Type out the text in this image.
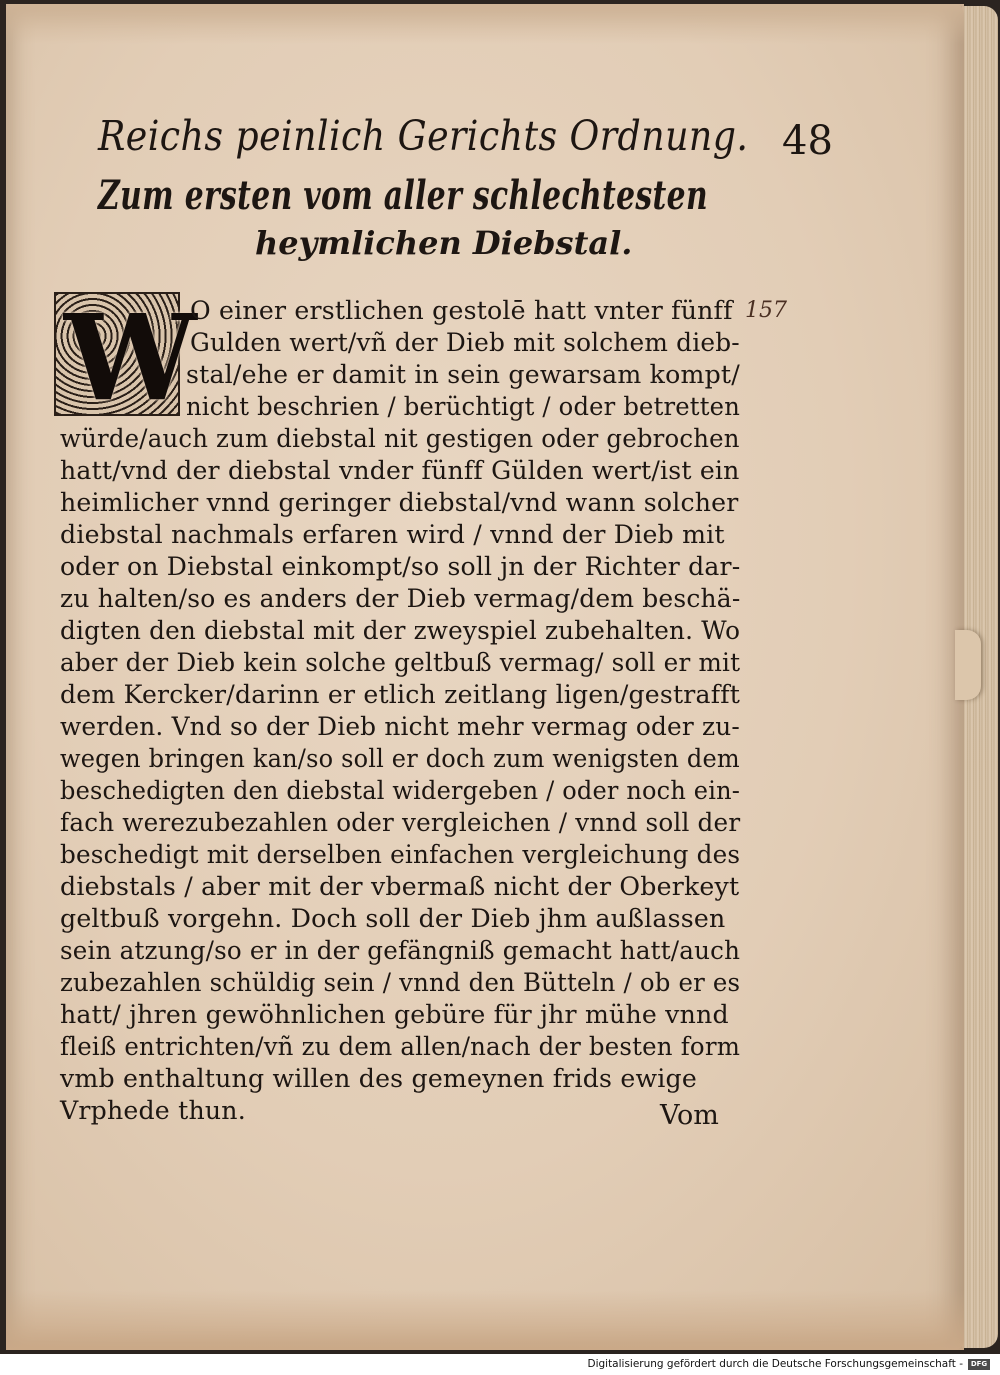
Reichs peinlich Gerichts Ordnung. 48
Zum ersten vom aller schlechtesten
heymlichen Diebstal.
W	157
O einer erstlichen gestolē hatt vnter fünff
Gulden wert/vñ der Dieb mit solchem dieb-
stal/ehe er damit in sein gewarsam kompt/
nicht beschrien / berüchtigt / oder betretten
würde/auch zum diebstal nit gestigen oder gebrochen
hatt/vnd der diebstal vnder fünff Gülden wert/ist ein
heimlicher vnnd geringer diebstal/vnd wann solcher
diebstal nachmals erfaren wird / vnnd der Dieb mit
oder on Diebstal einkompt/so soll jn der Richter dar-
zu halten/so es anders der Dieb vermag/dem beschä-
digten den diebstal mit der zweyspiel zubehalten. Wo
aber der Dieb kein solche geltbuß vermag/ soll er mit
dem Kercker/darinn er etlich zeitlang ligen/gestrafft
werden. Vnd so der Dieb nicht mehr vermag oder zu-
wegen bringen kan/so soll er doch zum wenigsten dem
beschedigten den diebstal widergeben / oder noch ein-
fach werezubezahlen oder vergleichen / vnnd soll der
beschedigt mit derselben einfachen vergleichung des
diebstals / aber mit der vbermaß nicht der Oberkeyt
geltbuß vorgehn. Doch soll der Dieb jhm außlassen
sein atzung/so er in der gefängniß gemacht hatt/auch
zubezahlen schüldig sein / vnnd den Bütteln / ob er es
hatt/ jhren gewöhnlichen gebüre für jhr mühe vnnd
fleiß entrichten/vñ zu dem allen/nach der besten form
vmb enthaltung willen des gemeynen frids ewige
Vrphede thun.	Vom
Digitalisierung gefördert durch die Deutsche Forschungsgemeinschaft -	DFG
